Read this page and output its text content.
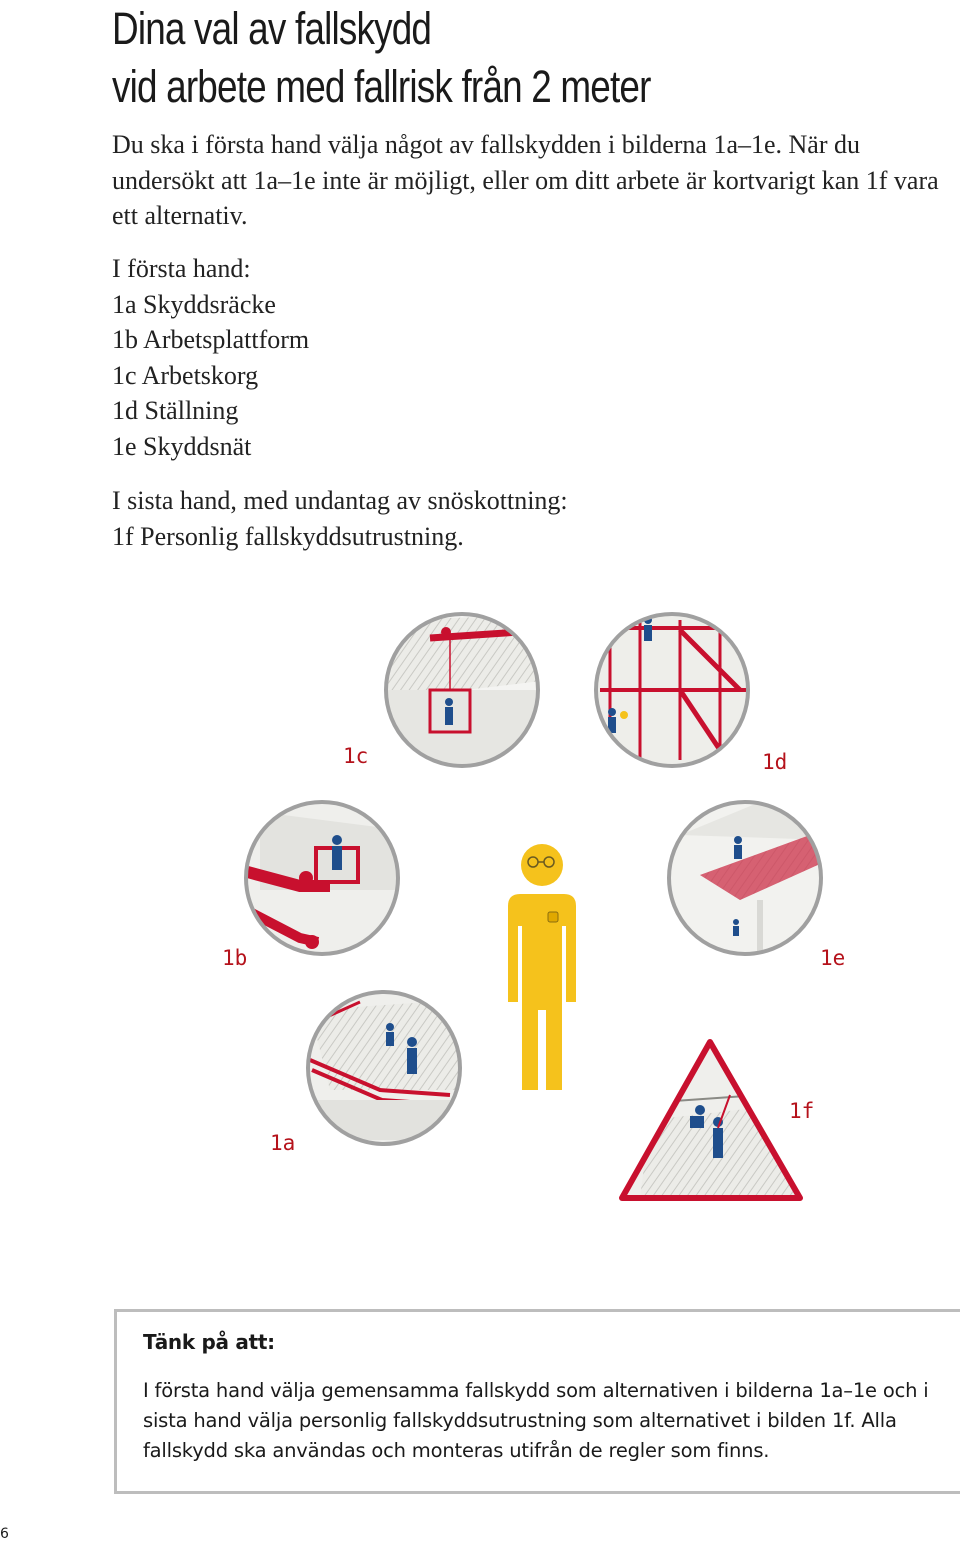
Dina val av fallskydd
vid arbete med fallrisk från 2 meter

Du ska i första hand välja något av fallskydden i bilderna 1a–1e. När du undersökt att 1a–1e inte är möjligt, eller om ditt arbete är kortvarigt kan 1f vara ett alternativ.

I första hand:
1a Skyddsräcke
1b Arbetsplattform
1c Arbetskorg
1d Ställning
1e Skyddsnät
I sista hand, med undantag av snöskottning:
1f Personlig fallskyddsutrustning.
1c	1d
1b	1e
1a
1f
Tänk på att:

I första hand välja gemensamma fallskydd som alternativen i bilderna 1a–1e och i sista hand välja personlig fallskyddsutrustning som alternativet i bilden 1f. Alla fallskydd ska användas och monteras utifrån de regler som finns.

6
